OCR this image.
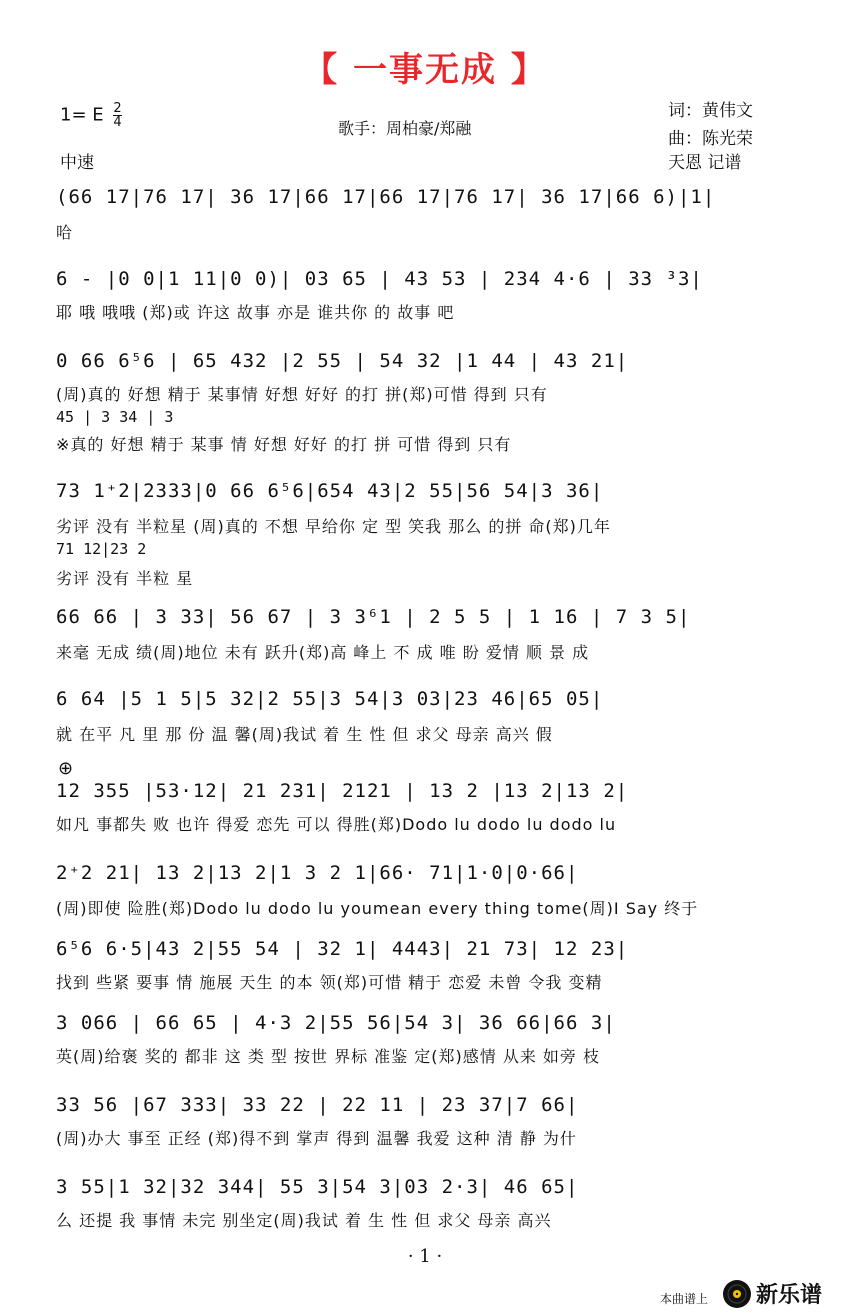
【 一事无成 】
1= E $\frac{2}{4}$
中速
歌手：周柏豪/郑融
词：黄伟文
曲：陈光荣
天恩 记谱
(66 17|76 17| 36 17|66 17|66 17|76 17| 36 17|66 6)|1|
哈
6 - |0 0|1 11|0 0)| 03 65 | 43 53 | 234 4·6 | 33 ³3|
耶 哦 哦哦 (郑)或 许这 故事 亦是 谁共你 的 故事 吧
0 66 6⁵6 | 65 432 |2 55 | 54 32 |1 44 | 43 21|
(周)真的 好想 精于 某事情 好想 好好 的打 拼(郑)可惜 得到 只有
45 | 3 34 | 3
※真的 好想 精于 某事 情 好想 好好 的打 拼 可惜 得到 只有
73 1⁺2|2333|0 66 6⁵6|654 43|2 55|56 54|3 36|
劣评 没有 半粒星 (周)真的 不想 早给你 定 型 笑我 那么 的拼 命(郑)几年
71 12|23 2
劣评 没有 半粒 星
66 66 | 3 33| 56 67 | 3 3⁶1 | 2 5 5 | 1 16 | 7 3 5|
来毫 无成 绩(周)地位 未有 跃升(郑)高 峰上 不 成 唯 盼 爱情 顺 景 成
6 64 |5 1 5|5 32|2 55|3 54|3 03|23 46|65 05|
就 在平 凡 里 那 份 温 馨(周)我试 着 生 性 但 求父 母亲 高兴 假
⊕
12 355 |53·12| 21 231| 2121 | 13 2 |13 2|13 2|
如凡 事都失 败 也许 得爱 恋先 可以 得胜(郑)Dodo lu dodo lu dodo lu
2⁺2 21| 13 2|13 2|1 3 2 1|66· 71|1·0|0·66|
(周)即使 险胜(郑)Dodo lu dodo lu youmean every thing tome(周)I Say 终于
6⁵6 6·5|43 2|55 54 | 32 1| 4443| 21 73| 12 23|
找到 些紧 要事 情 施展 天生 的本 领(郑)可惜 精于 恋爱 未曾 令我 变精
3 066 | 66 65 | 4·3 2|55 56|54 3| 36 66|66 3|
英(周)给褒 奖的 都非 这 类 型 按世 界标 准鉴 定(郑)感情 从来 如旁 枝
33 56 |67 333| 33 22 | 22 11 | 23 37|7 66|
(周)办大 事至 正经 (郑)得不到 掌声 得到 温馨 我爱 这种 清 静 为什
3 55|1 32|32 344| 55 3|54 3|03 2·3| 46 65|
么 还提 我 事情 未完 别坐定(周)我试 着 生 性 但 求父 母亲 高兴
· 1 ·
本曲谱上 新乐谱
